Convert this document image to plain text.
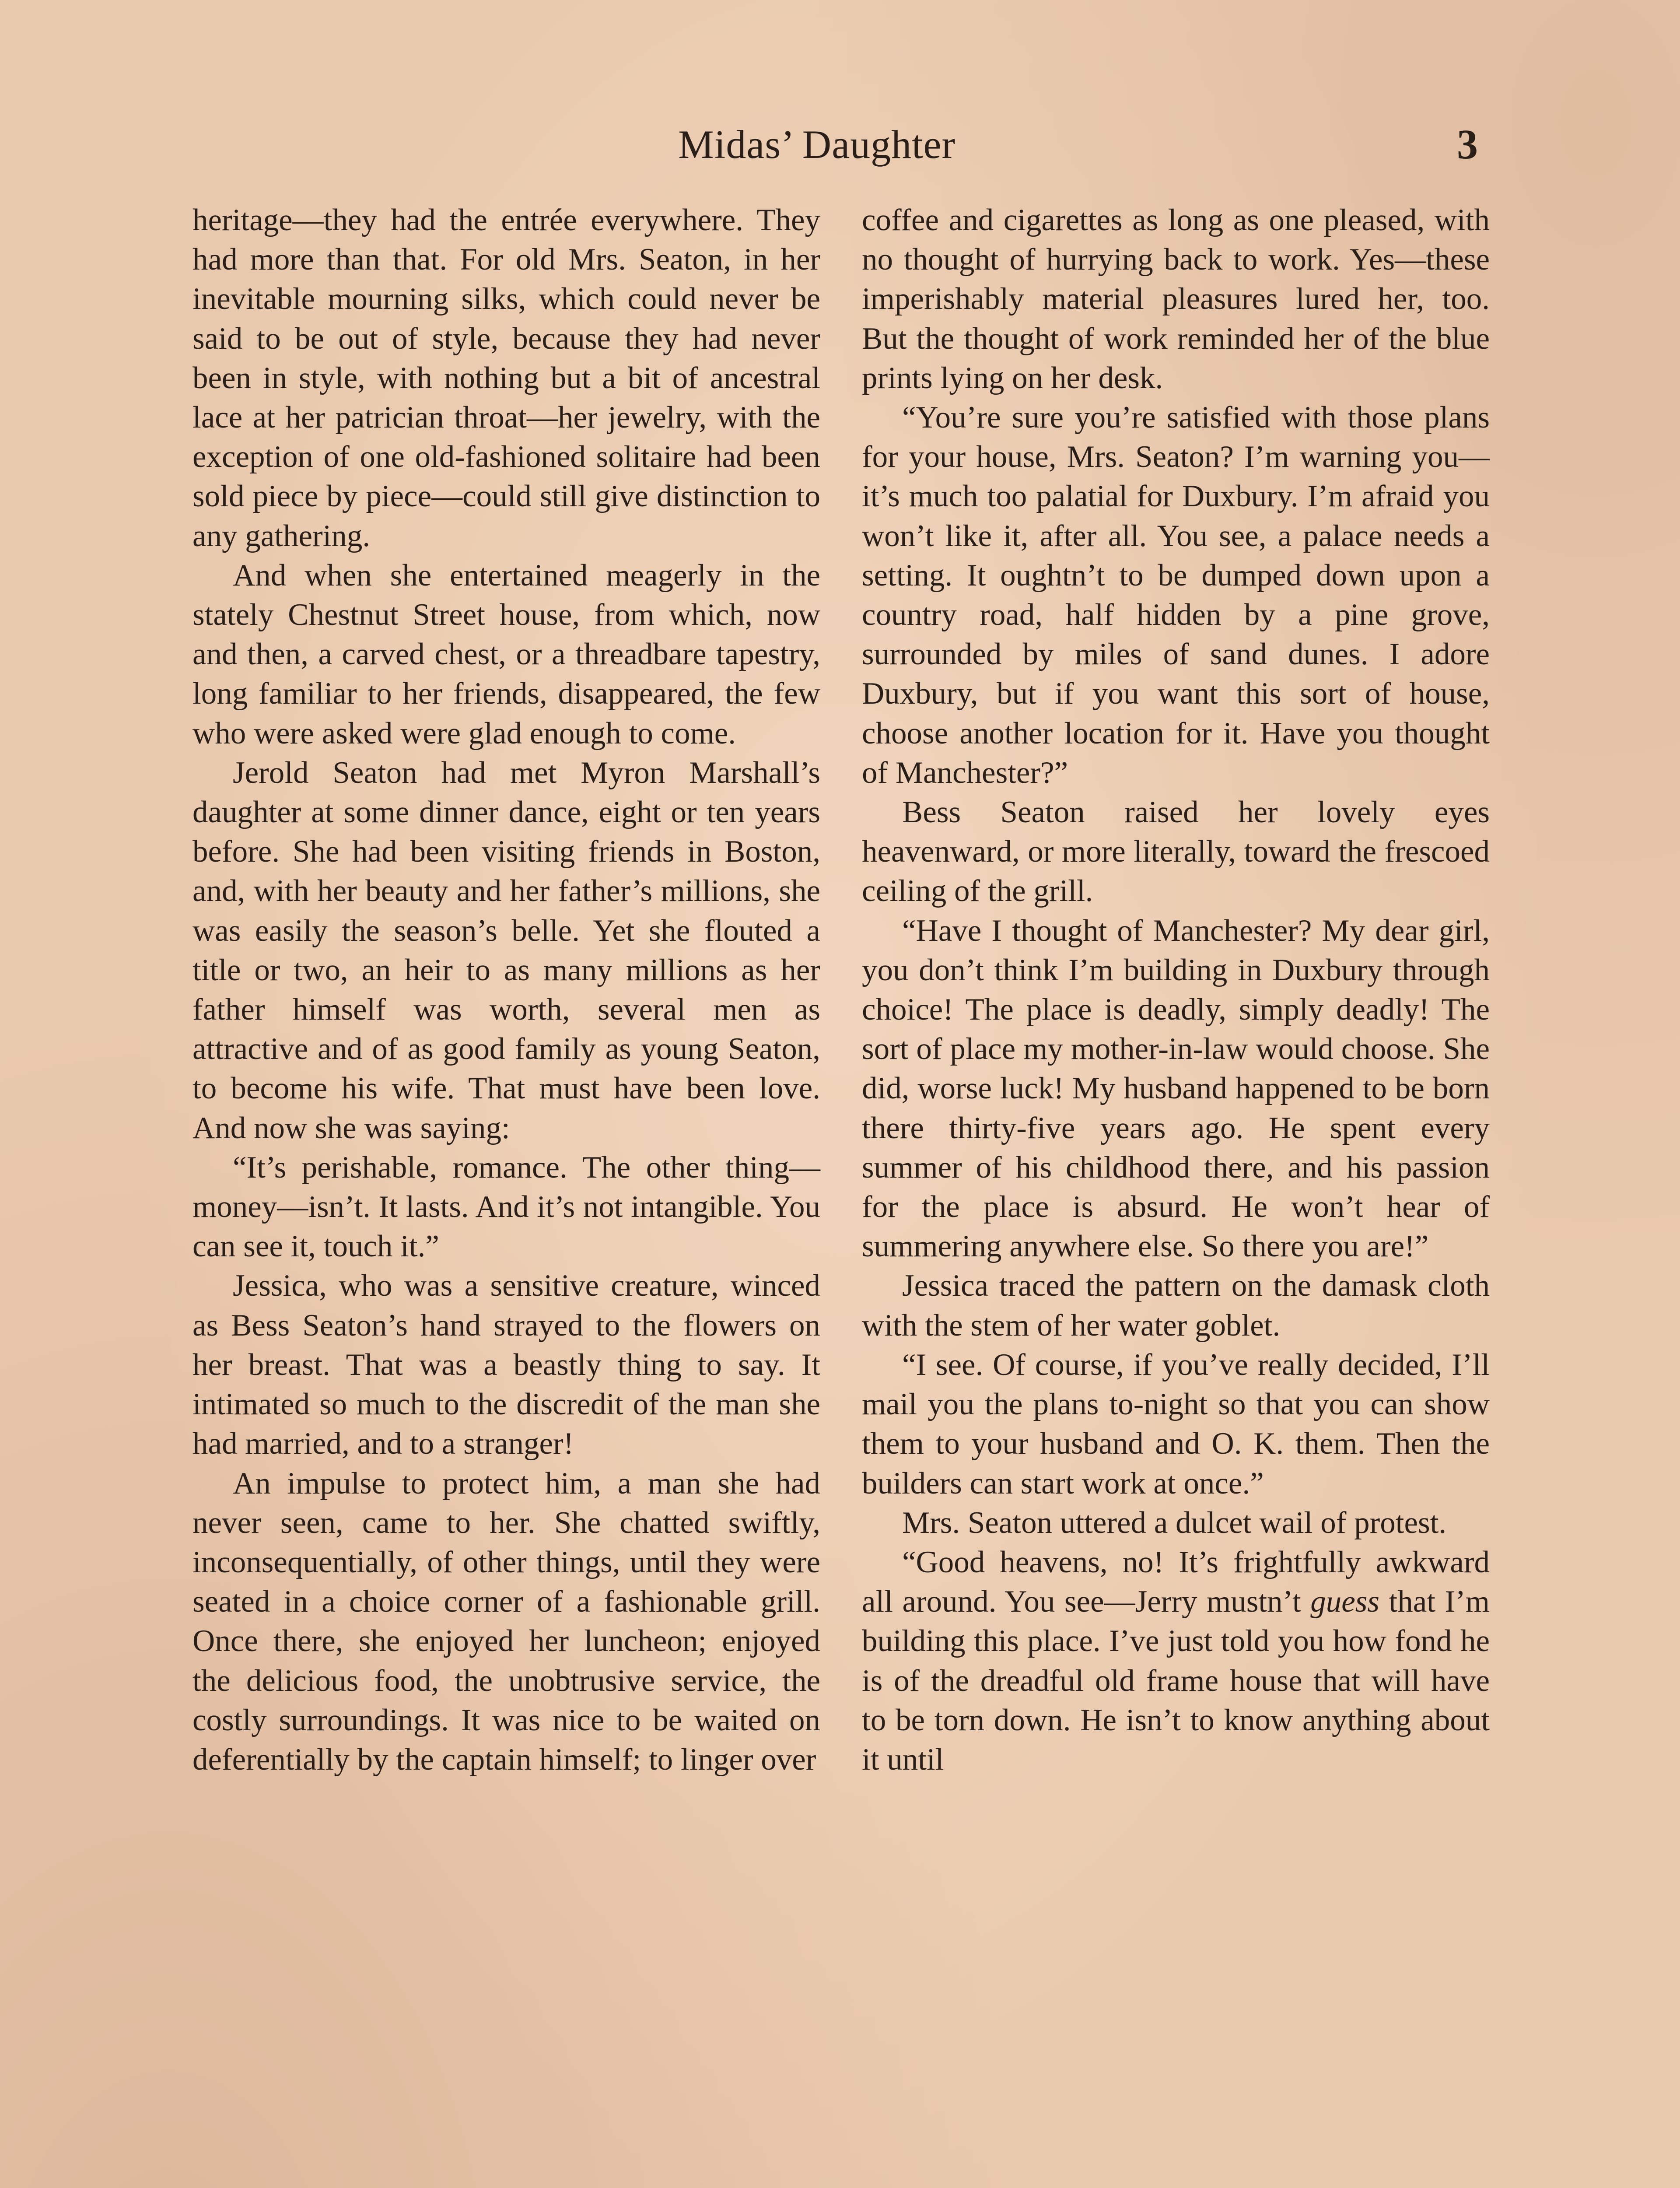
Midas’ Daughter	3

heritage—they had the entrée everywhere. They had more than that. For old Mrs. Seaton, in her inevitable mourning silks, which could never be said to be out of style, because they had never been in style, with nothing but a bit of ancestral lace at her patrician throat—her jewelry, with the exception of one old-fashioned solitaire had been sold piece by piece—could still give distinction to any gathering.

And when she entertained meagerly in the stately Chestnut Street house, from which, now and then, a carved chest, or a threadbare tapestry, long familiar to her friends, disappeared, the few who were asked were glad enough to come.

Jerold Seaton had met Myron Marshall’s daughter at some dinner dance, eight or ten years before. She had been visiting friends in Boston, and, with her beauty and her father’s millions, she was easily the season’s belle. Yet she flouted a title or two, an heir to as many millions as her father himself was worth, several men as attractive and of as good family as young Seaton, to become his wife. That must have been love. And now she was saying:

“It’s perishable, romance. The other thing—money—isn’t. It lasts. And it’s not intangible. You can see it, touch it.”

Jessica, who was a sensitive creature, winced as Bess Seaton’s hand strayed to the flowers on her breast. That was a beastly thing to say. It intimated so much to the discredit of the man she had married, and to a stranger!

An impulse to protect him, a man she had never seen, came to her. She chatted swiftly, inconsequentially, of other things, until they were seated in a choice corner of a fashionable grill. Once there, she enjoyed her luncheon; enjoyed the delicious food, the unobtrusive service, the costly surroundings. It was nice to be waited on deferentially by the captain himself; to linger over

coffee and cigarettes as long as one pleased, with no thought of hurrying back to work. Yes—these imperishably material pleasures lured her, too. But the thought of work reminded her of the blue prints lying on her desk.

“You’re sure you’re satisfied with those plans for your house, Mrs. Seaton? I’m warning you—it’s much too palatial for Duxbury. I’m afraid you won’t like it, after all. You see, a palace needs a setting. It oughtn’t to be dumped down upon a country road, half hidden by a pine grove, surrounded by miles of sand dunes. I adore Duxbury, but if you want this sort of house, choose another location for it. Have you thought of Manchester?”

Bess Seaton raised her lovely eyes heavenward, or more literally, toward the frescoed ceiling of the grill.

“Have I thought of Manchester? My dear girl, you don’t think I’m building in Duxbury through choice! The place is deadly, simply deadly! The sort of place my mother-in-law would choose. She did, worse luck! My husband happened to be born there thirty-five years ago. He spent every summer of his childhood there, and his passion for the place is absurd. He won’t hear of summering anywhere else. So there you are!”

Jessica traced the pattern on the damask cloth with the stem of her water goblet.

“I see. Of course, if you’ve really decided, I’ll mail you the plans to-night so that you can show them to your husband and O. K. them. Then the builders can start work at once.”

Mrs. Seaton uttered a dulcet wail of protest.

“Good heavens, no! It’s frightfully awkward all around. You see—Jerry mustn’t guess that I’m building this place. I’ve just told you how fond he is of the dreadful old frame house that will have to be torn down. He isn’t to know anything about it until
